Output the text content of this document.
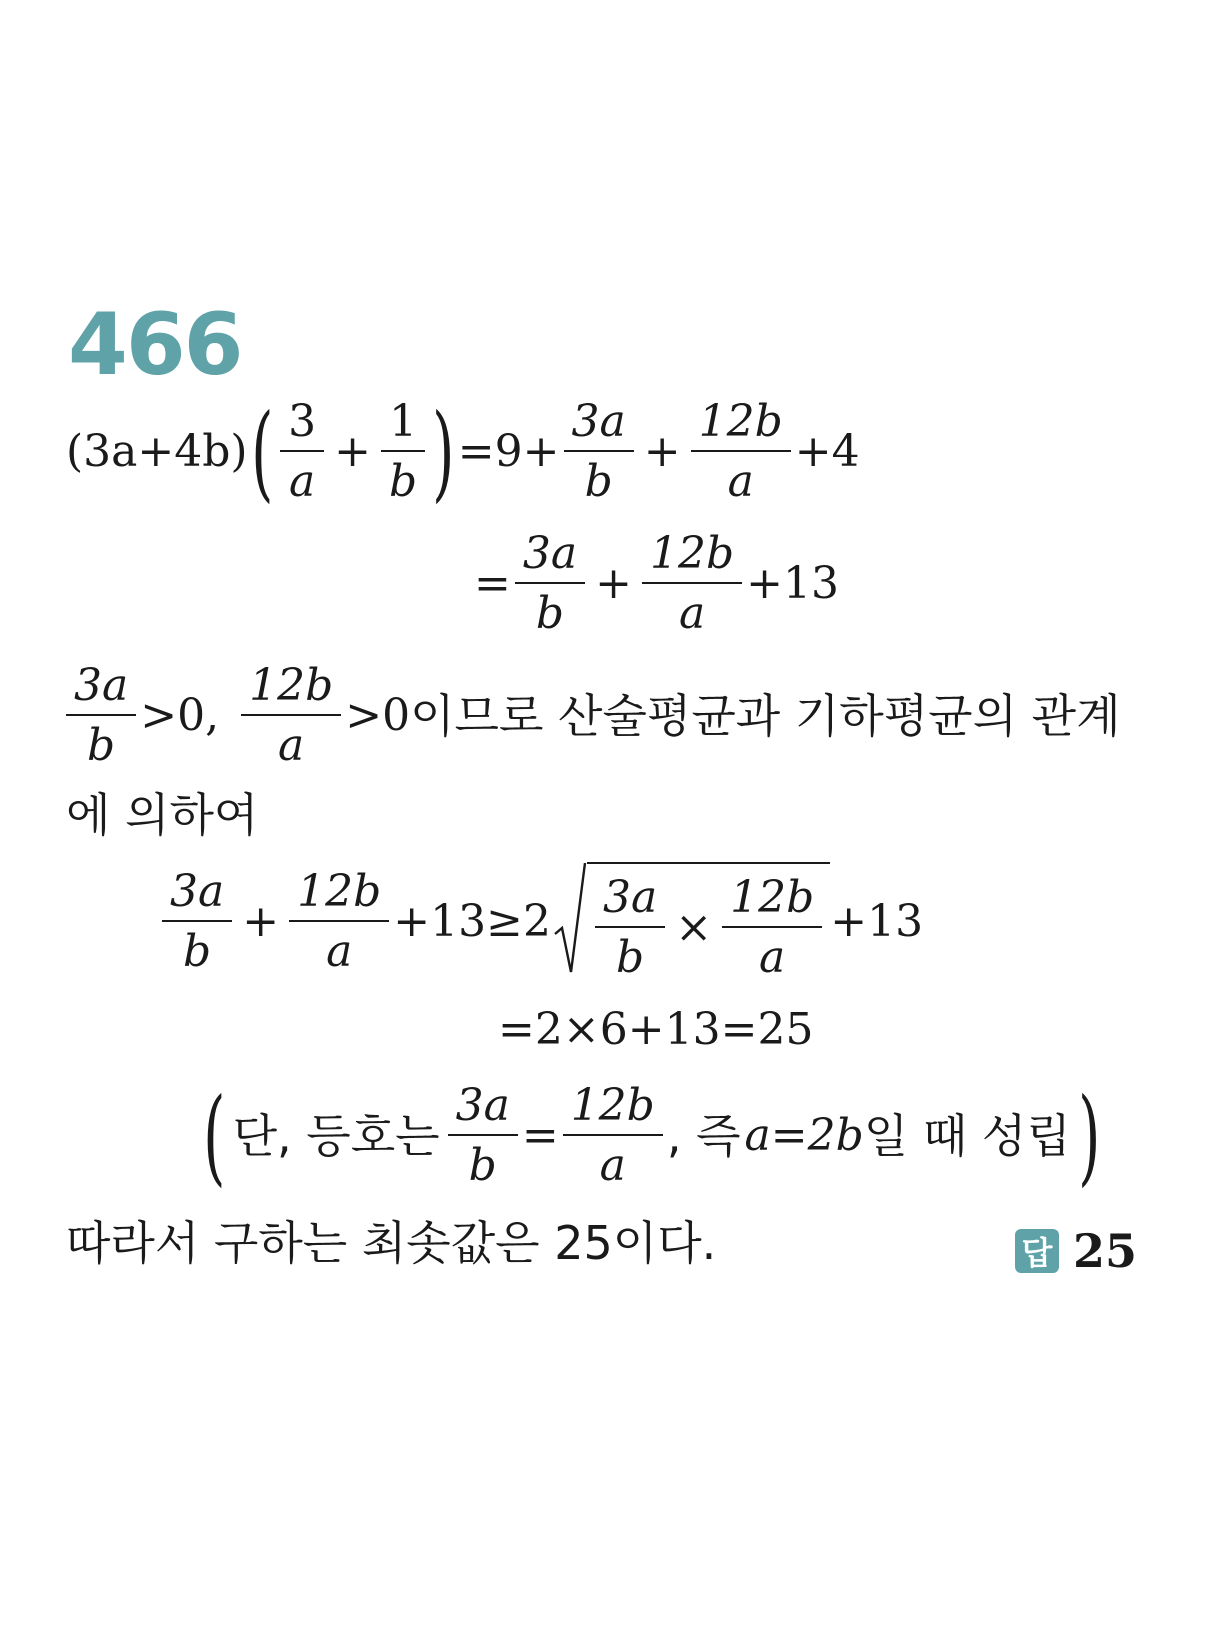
466
(3a+4b) ( $\frac{3}{a} + \frac{1}{b}$ ) $=9+ \frac{3a}{b} + \frac{12b}{a} +4$
= $\frac{3a}{b} + \frac{12b}{a} +13$
$\frac{3a}{b} >0$, $\frac{12b}{a} >0$ 이므로 산술평균과 기하평균의 관계
에 의하여
$\frac{3a}{b} + \frac{12b}{a} +13\ge 2 \frac{3a}{b} \times \frac{12b}{a} +13$
=2×6+13=25
( 단, 등호는 $\frac{3a}{b} = \frac{12b}{a}$ , 즉 a=2b 일 때 성립 )
따라서 구하는 최솟값은 25이다.	답 25
